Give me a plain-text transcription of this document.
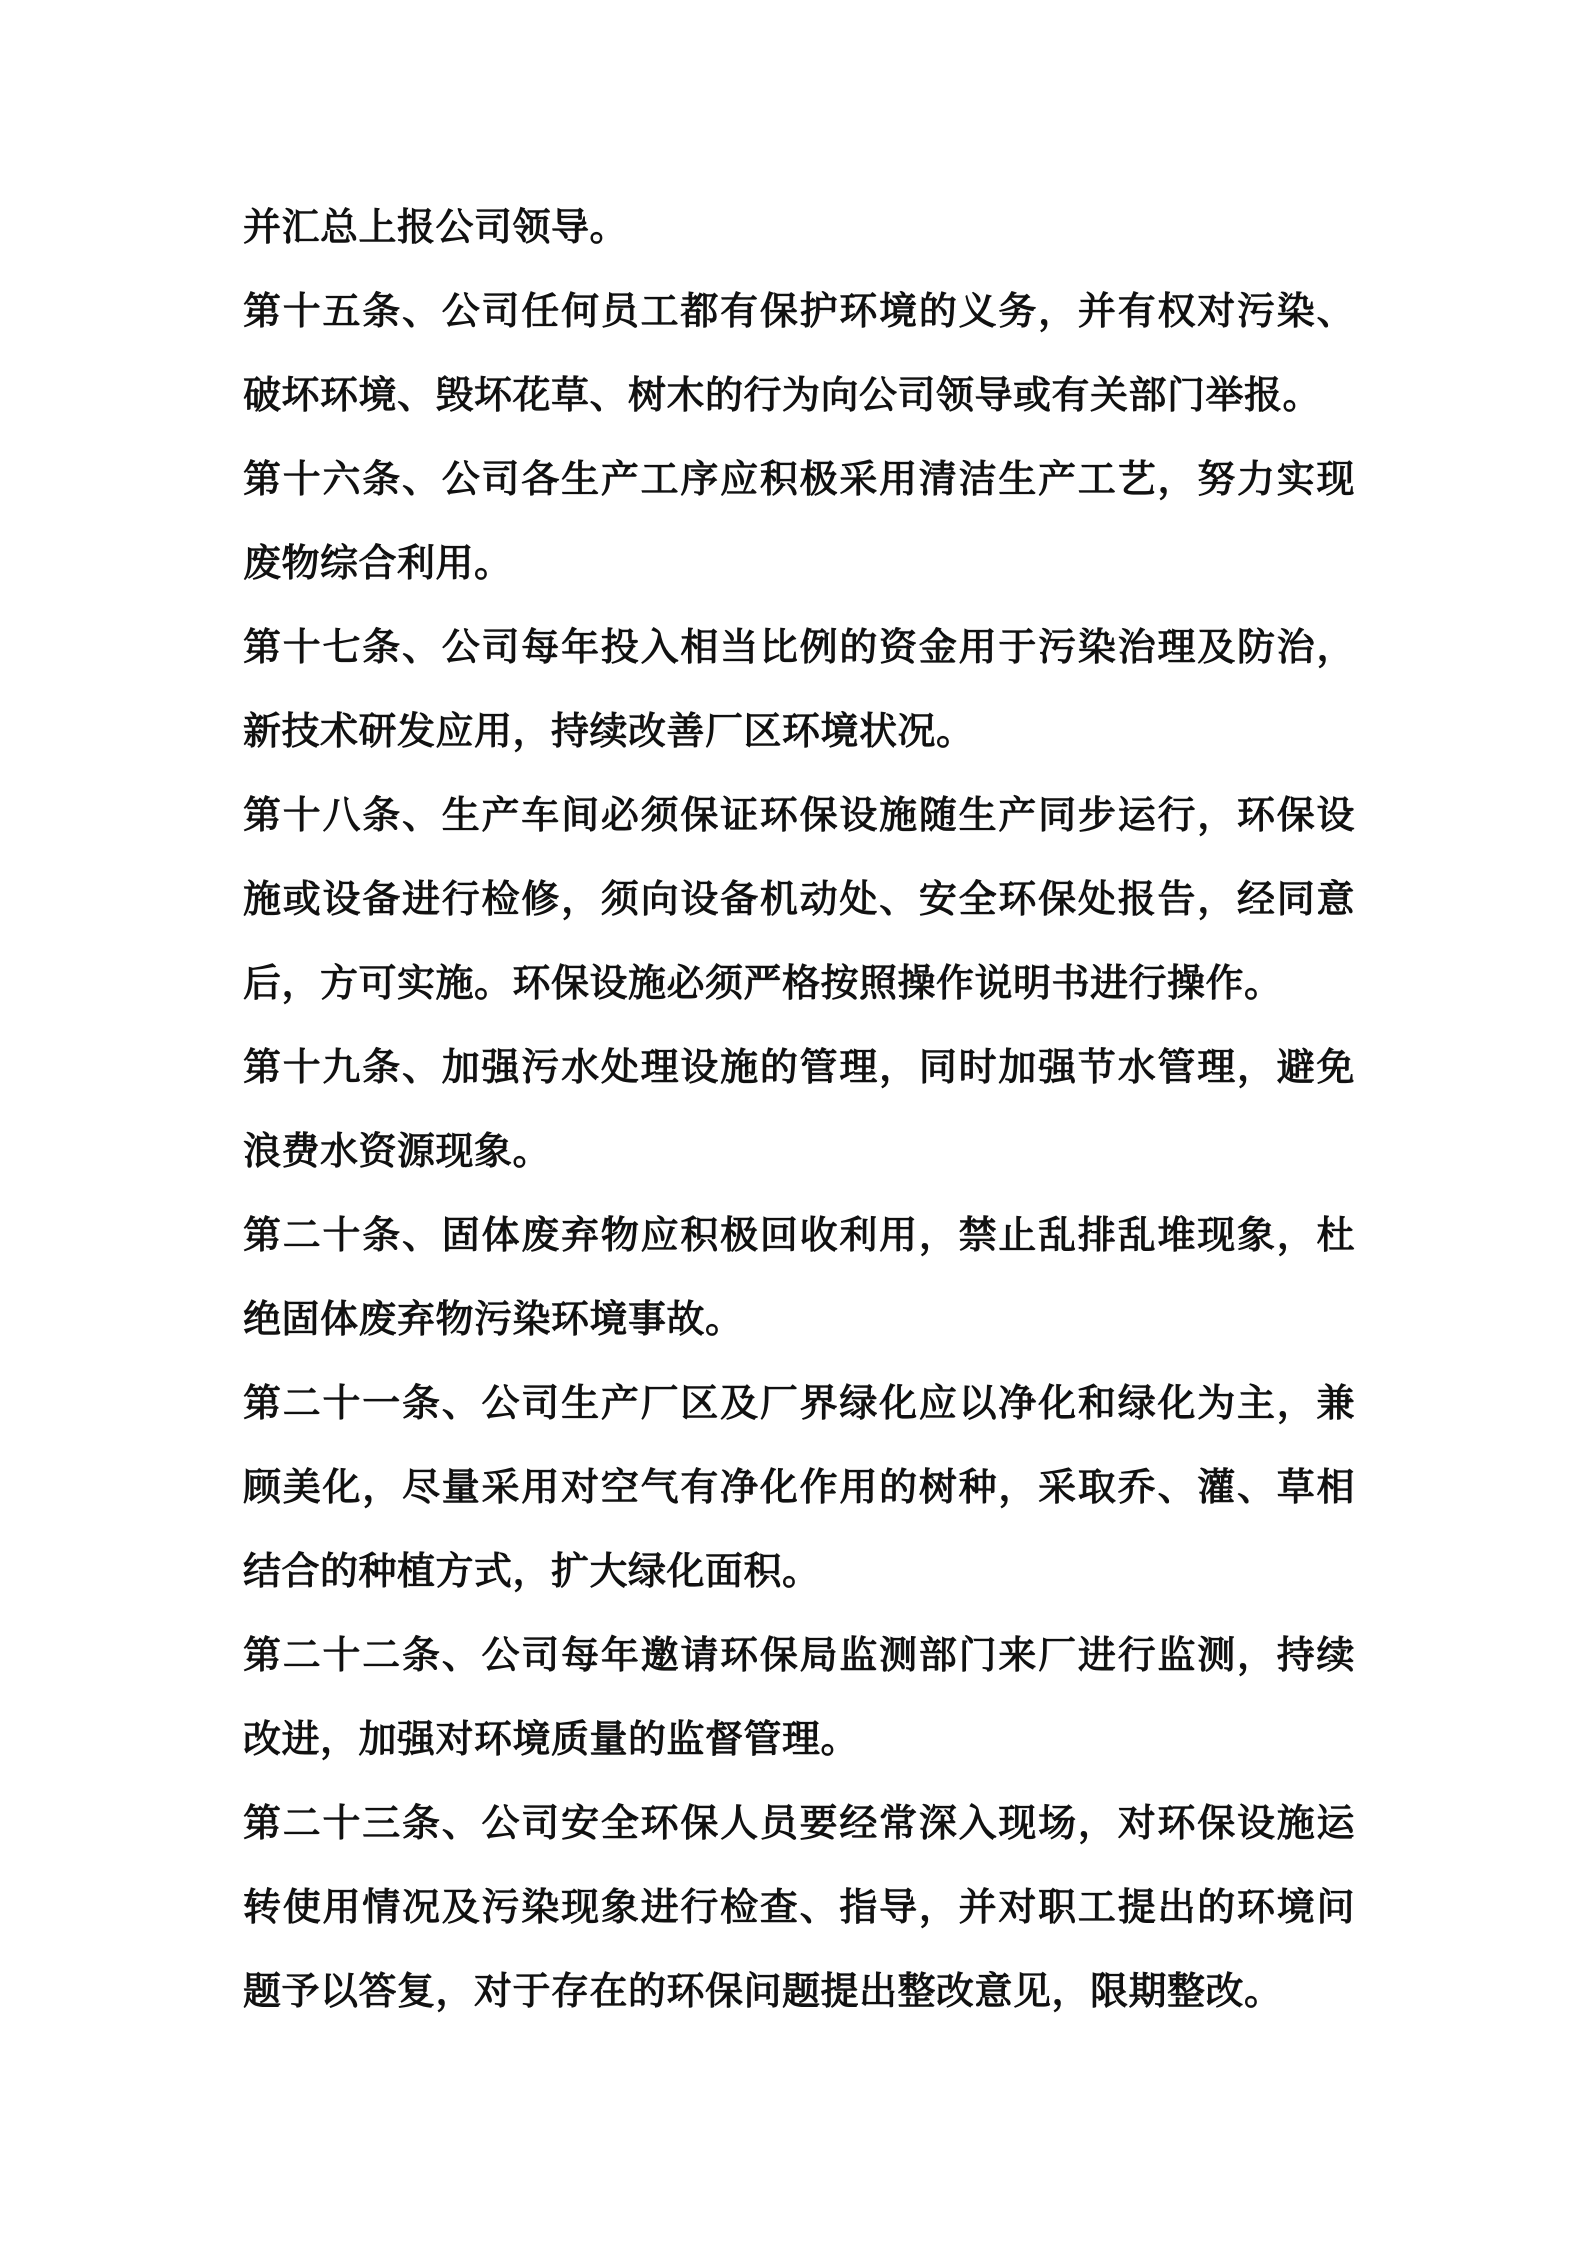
并汇总上报公司领导。

第十五条、公司任何员工都有保护环境的义务，并有权对污染、破坏环境、毁坏花草、树木的行为向公司领导或有关部门举报。

第十六条、公司各生产工序应积极采用清洁生产工艺，努力实现废物综合利用。

第十七条、公司每年投入相当比例的资金用于污染治理及防治，新技术研发应用，持续改善厂区环境状况。

第十八条、生产车间必须保证环保设施随生产同步运行，环保设施或设备进行检修，须向设备机动处、安全环保处报告，经同意后，方可实施。环保设施必须严格按照操作说明书进行操作。

第十九条、加强污水处理设施的管理，同时加强节水管理，避免浪费水资源现象。

第二十条、固体废弃物应积极回收利用，禁止乱排乱堆现象，杜绝固体废弃物污染环境事故。

第二十一条、公司生产厂区及厂界绿化应以净化和绿化为主，兼顾美化，尽量采用对空气有净化作用的树种，采取乔、灌、草相结合的种植方式，扩大绿化面积。

第二十二条、公司每年邀请环保局监测部门来厂进行监测，持续改进，加强对环境质量的监督管理。

第二十三条、公司安全环保人员要经常深入现场，对环保设施运转使用情况及污染现象进行检查、指导，并对职工提出的环境问题予以答复，对于存在的环保问题提出整改意见，限期整改。
